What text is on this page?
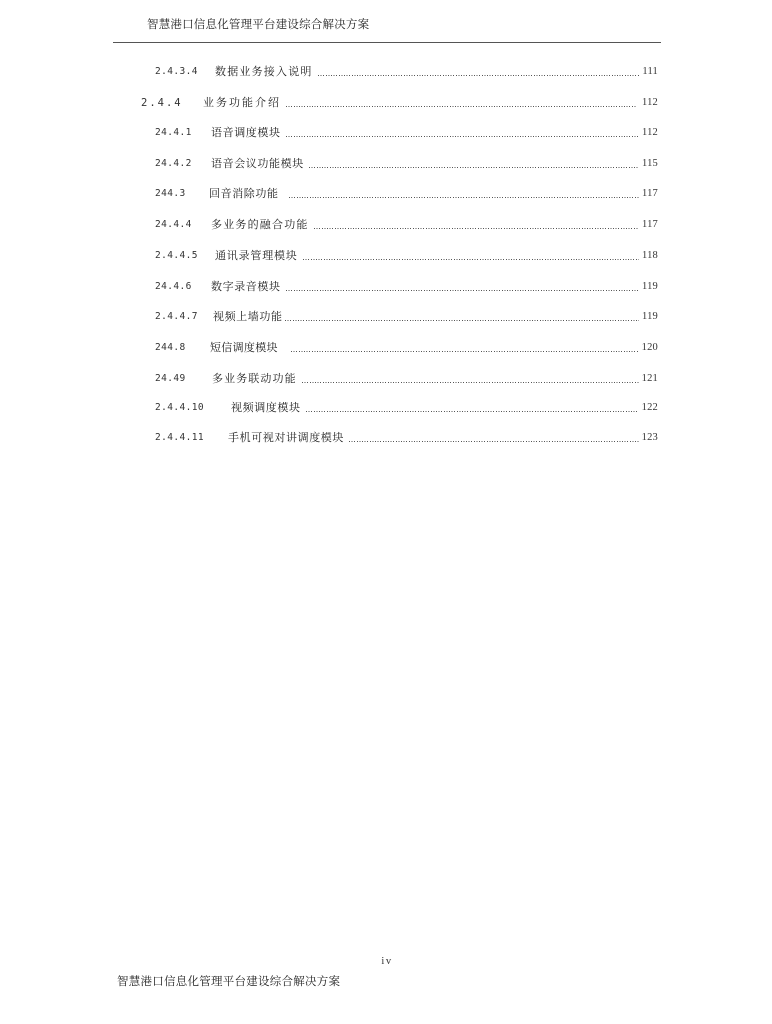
智慧港口信息化管理平台建设综合解决方案
2.4.3.4	数据业务接入说明	111
2.4.4	业务功能介绍	112
24.4.1	语音调度模块	112
24.4.2	语音会议功能模块	115
244.3	回音消除功能	117
24.4.4	多业务的融合功能	117
2.4.4.5	通讯录管理模块	118
24.4.6	数字录音模块	119
2.4.4.7	视频上墙功能	119
244.8	短信调度模块	120
24.49	多业务联动功能	121
2.4.4.10	视频调度模块	122
2.4.4.11	手机可视对讲调度模块	123
iv
智慧港口信息化管理平台建设综合解决方案
